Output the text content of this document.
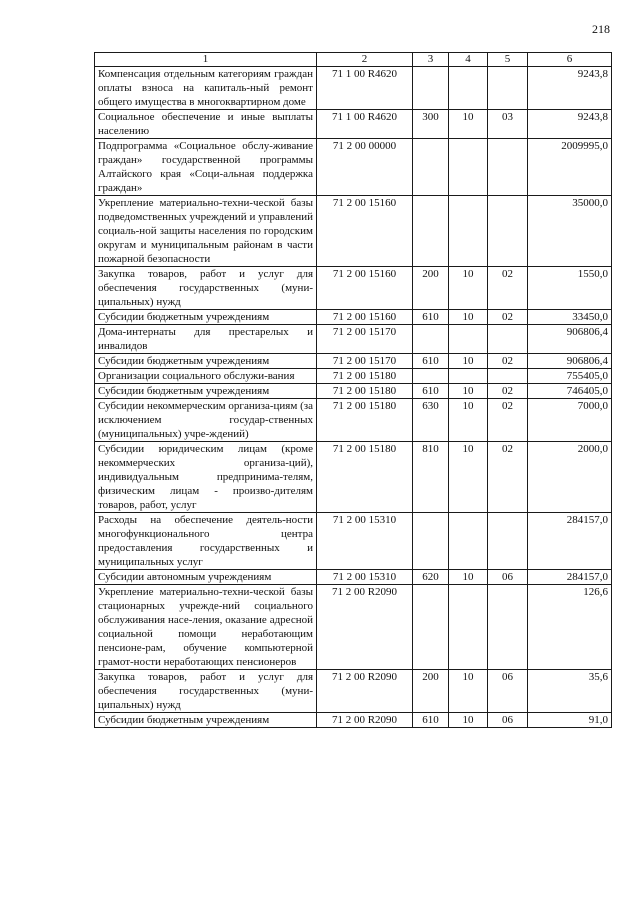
218
1	2	3	4	5	6
Компенсация отдельным категориям граждан оплаты взноса на капиталь-ный ремонт общего имущества в многоквартирном доме	71 1 00 R4620				9243,8
Социальное обеспечение и иные выплаты населению	71 1 00 R4620	300	10	03	9243,8
Подпрограмма «Социальное обслу-живание граждан» государственной программы Алтайского края «Соци-альная поддержка граждан»	71 2 00 00000				2009995,0
Укрепление материально-техни-ческой базы подведомственных учреждений и управлений социаль-ной защиты населения по городским округам и муниципальным районам в части пожарной безопасности	71 2 00 15160				35000,0
Закупка товаров, работ и услуг для обеспечения государственных (муни-ципальных) нужд	71 2 00 15160	200	10	02	1550,0
Субсидии бюджетным учреждениям	71 2 00 15160	610	10	02	33450,0
Дома-интернаты для престарелых и инвалидов	71 2 00 15170				906806,4
Субсидии бюджетным учреждениям	71 2 00 15170	610	10	02	906806,4
Организации социального обслужи-вания	71 2 00 15180				755405,0
Субсидии бюджетным учреждениям	71 2 00 15180	610	10	02	746405,0
Субсидии некоммерческим организа-циям (за исключением государ-ственных (муниципальных) учре-ждений)	71 2 00 15180	630	10	02	7000,0
Субсидии юридическим лицам (кроме некоммерческих организа-ций), индивидуальным предпринима-телям, физическим лицам - произво-дителям товаров, работ, услуг	71 2 00 15180	810	10	02	2000,0
Расходы на обеспечение деятель-ности многофункционального центра предоставления государственных и муниципальных услуг	71 2 00 15310				284157,0
Субсидии автономным учреждениям	71 2 00 15310	620	10	06	284157,0
Укрепление материально-техни-ческой базы стационарных учрежде-ний социального обслуживания насе-ления, оказание адресной социальной помощи неработающим пенсионе-рам, обучение компьютерной грамот-ности неработающих пенсионеров	71 2 00 R2090				126,6
Закупка товаров, работ и услуг для обеспечения государственных (муни-ципальных) нужд	71 2 00 R2090	200	10	06	35,6
Субсидии бюджетным учреждениям	71 2 00 R2090	610	10	06	91,0
